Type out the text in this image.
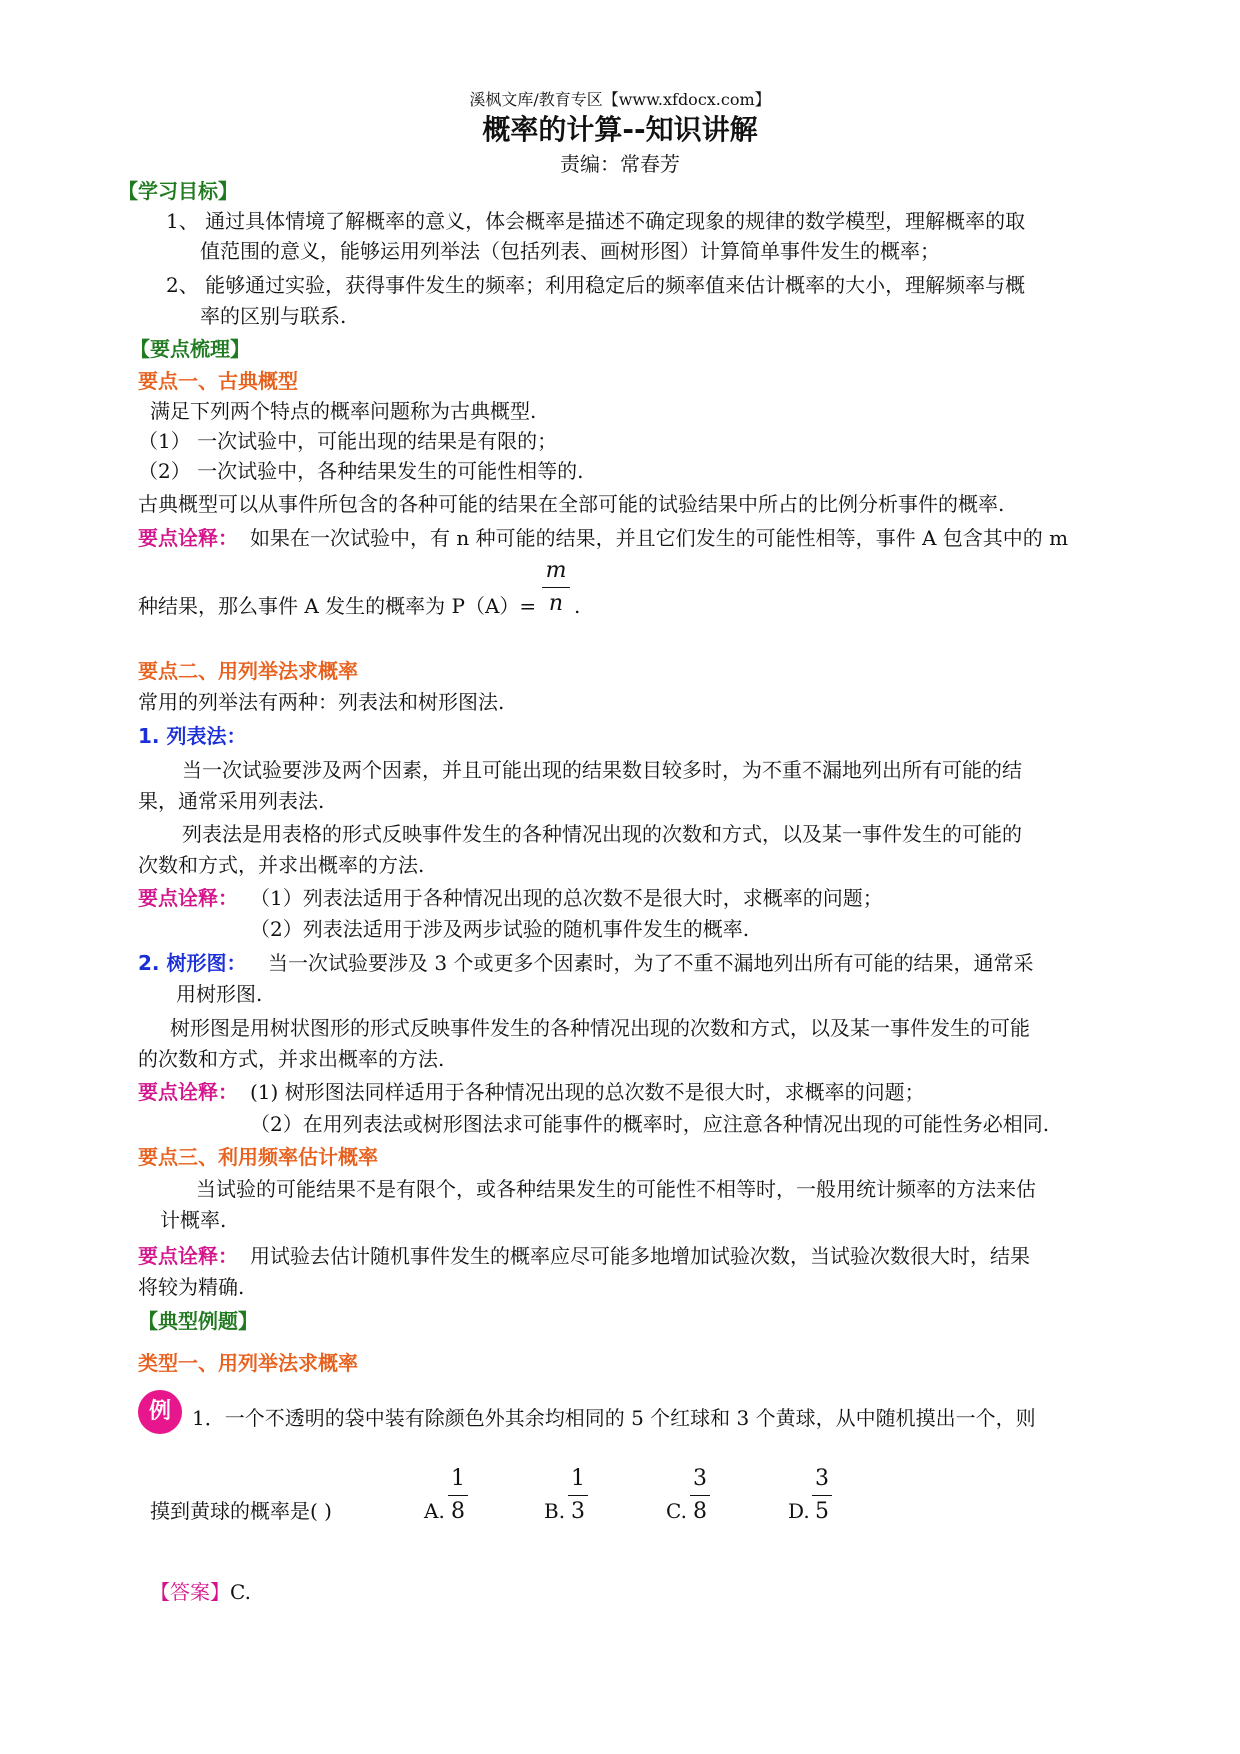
溪枫文库/教育专区【www.xfdocx.com】
概率的计算--知识讲解
责编：常春芳
【学习目标】
1、 通过具体情境了解概率的意义，体会概率是描述不确定现象的规律的数学模型，理解概率的取
值范围的意义，能够运用列举法（包括列表、画树形图）计算简单事件发生的概率；
2、 能够通过实验，获得事件发生的频率；利用稳定后的频率值来估计概率的大小，理解频率与概
率的区别与联系.
【要点梳理】
要点一、古典概型
满足下列两个特点的概率问题称为古典概型.
（1） 一次试验中，可能出现的结果是有限的；
（2） 一次试验中，各种结果发生的可能性相等的.
古典概型可以从事件所包含的各种可能的结果在全部可能的试验结果中所占的比例分析事件的概率.
要点诠释： 如果在一次试验中，有 n 种可能的结果，并且它们发生的可能性相等，事件 A 包含其中的 m
种结果，那么事件 A 发生的概率为 P（A）=
m
n .
要点二、用列举法求概率
常用的列举法有两种：列表法和树形图法.
1. 列表法：
当一次试验要涉及两个因素，并且可能出现的结果数目较多时，为不重不漏地列出所有可能的结
果，通常采用列表法.
列表法是用表格的形式反映事件发生的各种情况出现的次数和方式，以及某一事件发生的可能的
次数和方式，并求出概率的方法.
要点诠释： （1）列表法适用于各种情况出现的总次数不是很大时，求概率的问题；
（2）列表法适用于涉及两步试验的随机事件发生的概率.
2. 树形图： 当一次试验要涉及 3 个或更多个因素时，为了不重不漏地列出所有可能的结果，通常采
用树形图.
树形图是用树状图形的形式反映事件发生的各种情况出现的次数和方式，以及某一事件发生的可能
的次数和方式，并求出概率的方法.
要点诠释： (1) 树形图法同样适用于各种情况出现的总次数不是很大时，求概率的问题；
（2）在用列表法或树形图法求可能事件的概率时，应注意各种情况出现的可能性务必相同.
要点三、利用频率估计概率
当试验的可能结果不是有限个，或各种结果发生的可能性不相等时，一般用统计频率的方法来估
计概率.
要点诠释： 用试验去估计随机事件发生的概率应尽可能多地增加试验次数，当试验次数很大时，结果
将较为精确.
【典型例题】
类型一、用列举法求概率
例	1．一个不透明的袋中装有除颜色外其余均相同的 5 个红球和 3 个黄球，从中随机摸出一个，则
摸到黄球的概率是( )	A.
1
8	B.
1
3	C.
3
8	D.
3
5
【答案】 C.
